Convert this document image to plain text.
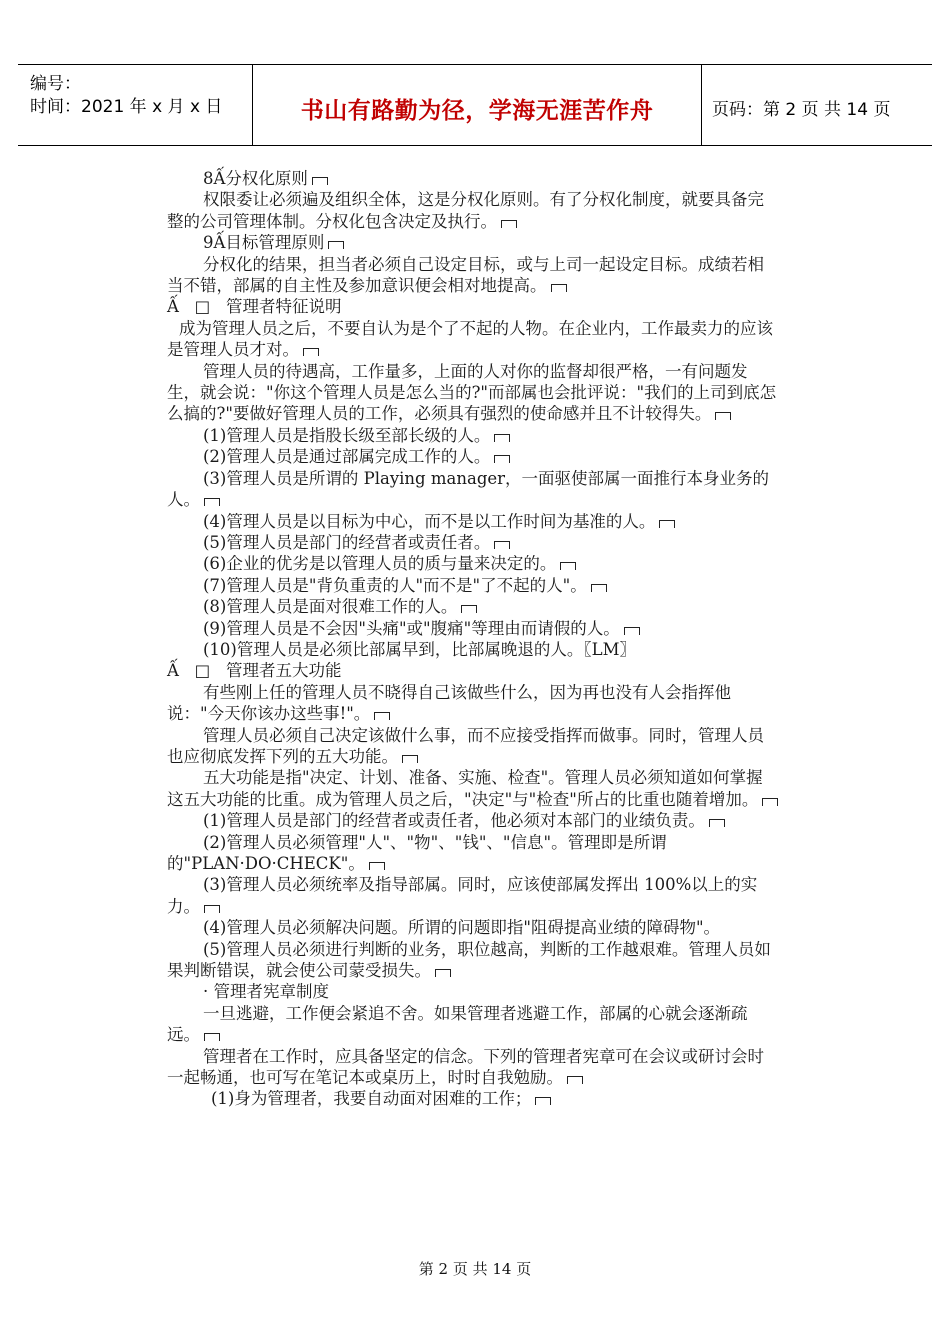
编号：
时间：2021 年 x 月 x 日	书山有路勤为径，学海无涯苦作舟	页码：第 2 页 共 14 页

8Ấ分权化原则

权限委让必须遍及组织全体，这是分权化原则。有了分权化制度，就要具备完整的公司管理体制。分权化包含决定及执行。

9Ấ目标管理原则

分权化的结果，担当者必须自己设定目标，或与上司一起设定目标。成绩若相当不错，部属的自主性及参加意识便会相对地提高。

Ấ   □   管理者特征说明

成为管理人员之后，不要自认为是个了不起的人物。在企业内，工作最卖力的应该是管理人员才对。

管理人员的待遇高，工作量多，上面的人对你的监督却很严格，一有问题发生，就会说："你这个管理人员是怎么当的?"而部属也会批评说："我们的上司到底怎么搞的?"要做好管理人员的工作，必须具有强烈的使命感并且不计较得失。

(1)管理人员是指股长级至部长级的人。

(2)管理人员是通过部属完成工作的人。

(3)管理人员是所谓的 Playing manager，一面驱使部属一面推行本身业务的人。

(4)管理人员是以目标为中心，而不是以工作时间为基准的人。

(5)管理人员是部门的经营者或责任者。

(6)企业的优劣是以管理人员的质与量来决定的。

(7)管理人员是"背负重责的人"而不是"了不起的人"。

(8)管理人员是面对很难工作的人。

(9)管理人员是不会因"头痛"或"腹痛"等理由而请假的人。

(10)管理人员是必须比部属早到，比部属晚退的人。〖LM〗

Ấ   □   管理者五大功能

有些刚上任的管理人员不晓得自己该做些什么，因为再也没有人会指挥他说："今天你该办这些事!"。

管理人员必须自己决定该做什么事，而不应接受指挥而做事。同时，管理人员也应彻底发挥下列的五大功能。

五大功能是指"决定、计划、准备、实施、检查"。管理人员必须知道如何掌握这五大功能的比重。成为管理人员之后，"决定"与"检查"所占的比重也随着增加。

(1)管理人员是部门的经营者或责任者，他必须对本部门的业绩负责。

(2)管理人员必须管理"人"、"物"、"钱"、"信息"。管理即是所谓的"PLAN·DO·CHECK"。

(3)管理人员必须统率及指导部属。同时，应该使部属发挥出 100%以上的实力。

(4)管理人员必须解决问题。所谓的问题即指"阻碍提高业绩的障碍物"。

(5)管理人员必须进行判断的业务，职位越高，判断的工作越艰难。管理人员如果判断错误，就会使公司蒙受损失。

· 管理者宪章制度

一旦逃避，工作便会紧追不舍。如果管理者逃避工作，部属的心就会逐渐疏远。

管理者在工作时，应具备坚定的信念。下列的管理者宪章可在会议或研讨会时一起畅通，也可写在笔记本或桌历上，时时自我勉励。

(1)身为管理者，我要自动面对困难的工作；

第 2 页 共 14 页
